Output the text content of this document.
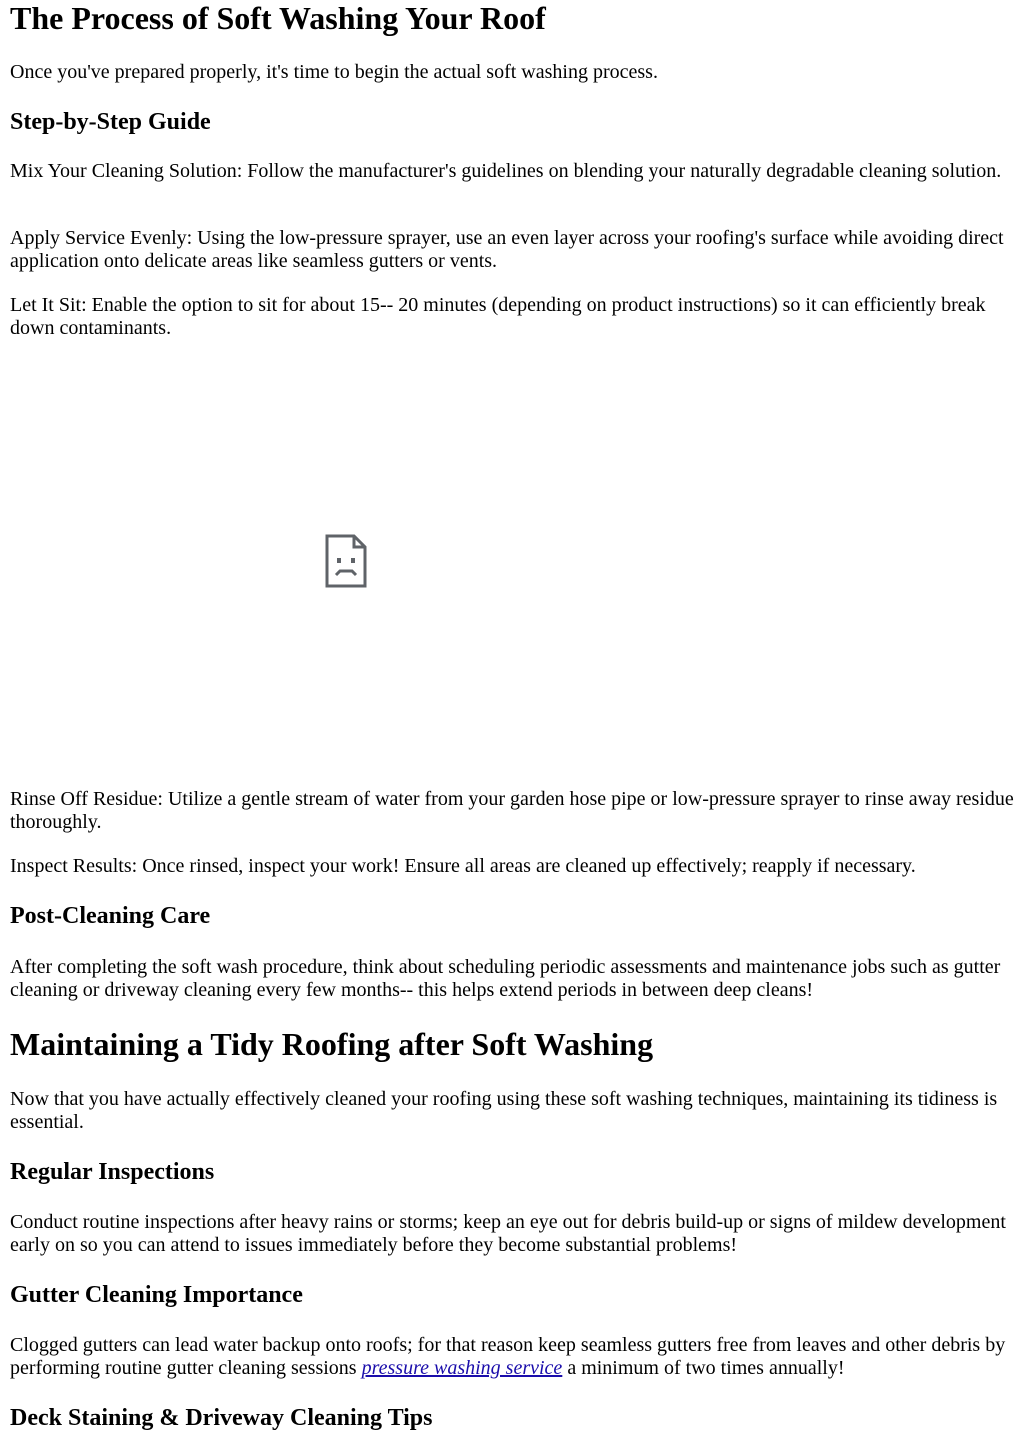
The Process of Soft Washing Your Roof

Once you've prepared properly, it's time to begin the actual soft washing process.

Step-by-Step Guide

Mix Your Cleaning Solution: Follow the manufacturer's guidelines on blending your naturally degradable cleaning solution.

Apply Service Evenly: Using the low-pressure sprayer, use an even layer across your roofing's surface while avoiding direct application onto delicate areas like seamless gutters or vents.

Let It Sit: Enable the option to sit for about 15-- 20 minutes (depending on product instructions) so it can efficiently break down contaminants.

Rinse Off Residue: Utilize a gentle stream of water from your garden hose pipe or low-pressure sprayer to rinse away residue thoroughly.

Inspect Results: Once rinsed, inspect your work! Ensure all areas are cleaned up effectively; reapply if necessary.

Post-Cleaning Care

After completing the soft wash procedure, think about scheduling periodic assessments and maintenance jobs such as gutter cleaning or driveway cleaning every few months-- this helps extend periods in between deep cleans!

Maintaining a Tidy Roofing after Soft Washing

Now that you have actually effectively cleaned your roofing using these soft washing techniques, maintaining its tidiness is essential.

Regular Inspections

Conduct routine inspections after heavy rains or storms; keep an eye out for debris build-up or signs of mildew development early on so you can attend to issues immediately before they become substantial problems!

Gutter Cleaning Importance

Clogged gutters can lead water backup onto roofs; for that reason keep seamless gutters free from leaves and other debris by performing routine gutter cleaning sessions pressure washing service a minimum of two times annually!

Deck Staining & Driveway Cleaning Tips
